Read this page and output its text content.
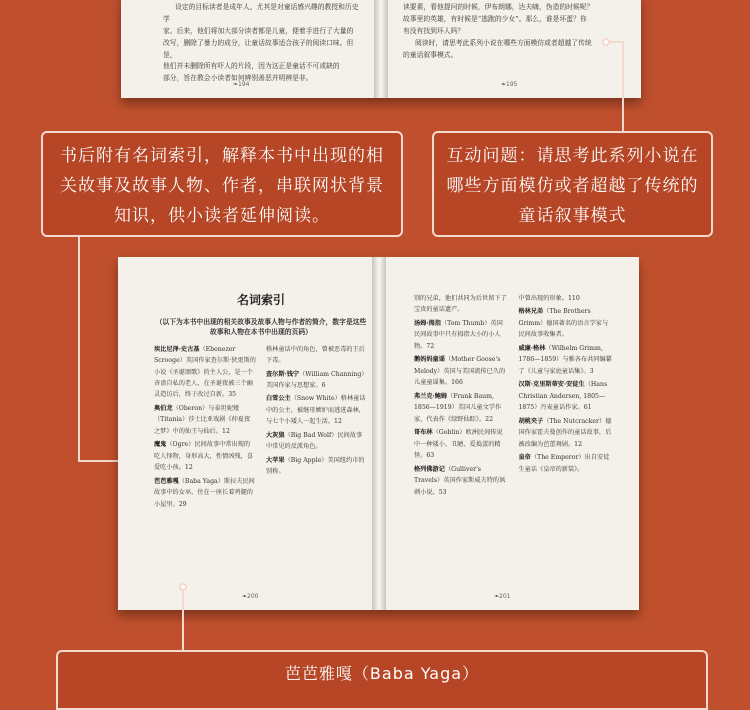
设定的目标读者是成年人。尤其是对童话感兴趣的教授和历史学

家。后来，他们将加大部分读者都是儿童，便着手进行了大量的

改写，删除了暴力的成分，让童话故事适合孩子的阅读口味。但是，

他们并未删除所有吓人的片段，因为这正是童话不可或缺的

部分，旨在教会小读者如何辨别善恶并明辨是非。

❧ 194

读要素，看他提问的时候，伊布朗娜，达夫嗨，伪造的时候呢？

故事里的英雄，有时候是“逃跑的少女”。那么，谁是坏蛋？你

有没有找到坏人吗？

阅读时，请思考此系列小说在哪些方面模仿或者超越了传统

的童话叙事模式。

❧ 195
书后附有名词索引，解释本书中出现的相关故事及故事人物、作者，串联网状背景知识，供小读者延伸阅读。
互动问题：请思考此系列小说在哪些方面模仿或者超越了传统的童话叙事模式
名词索引
（以下为本书中出现的相关故事及故事人物与作者的简介，数字是这些故事和人物在本书中出现的页码）

埃比尼泽·史古基（Ebenezer Scrooge）英国作家查尔斯·狄更斯的小说《圣诞颂歌》的主人公，是一个吝啬自私的老人，在圣诞夜被三个幽灵造访后，终于改过自新。35

奥伯龙（Oberon）与泰坦妮娅（Titania）莎士比亚戏剧《仲夏夜之梦》中的仙王与仙后。12

魔鬼（Ogre）民间故事中常出现的吃人怪物，身形高大，性情凶残，喜爱吃小孩。12

芭芭雅嘎（Baba Yaga）斯拉夫民间故事中的女巫，住在一座长着鸡腿的小屋里。29

格林童话中的角色，曾被恶毒的王后下毒。

查尔斯·钱宁（William Channing）美国作家与思想家。6

白雪公主（Snow White）格林童话中的公主，被继母嫉妒而逃进森林，与七个小矮人一起生活。12

大灰狼（Big Bad Wolf）民间故事中常见的反派角色。

大苹果（Big Apple）美国纽约市的别称。

❧ 200

别的兄弟，他们共同为后世留下了宝贵的童话遗产。

汤姆·拇指（Tom Thumb）英国民间故事中只有拇指大小的小人物。72

鹅妈妈童谣（Mother Goose's Melody）英国与美国流传已久的儿童童谣集。166

弗兰克·鲍姆（Frank Baum, 1856—1919）美国儿童文学作家，代表作《绿野仙踪》。22

哥布林（Goblin）欧洲民间传说中一种矮小、丑陋、爱捣蛋的精怪。63

格列佛游记（Gulliver's Travels）英国作家斯威夫特的讽刺小说。53

中曾出现的形象。110

格林兄弟（The Brothers Grimm）德国著名的语言学家与民间故事收集者。

威廉·格林（Wilhelm Grimm, 1786—1859）与雅各布共同编纂了《儿童与家庭童话集》。3

汉斯·克里斯蒂安·安徒生（Hans Christian Andersen, 1805—1875）丹麦童话作家。61

胡桃夹子（The Nutcracker）德国作家霍夫曼创作的童话故事，后被改编为芭蕾舞剧。12

皇帝（The Emperor）出自安徒生童话《皇帝的新装》。

❧ 201
芭芭雅嘎（Baba Yaga）
